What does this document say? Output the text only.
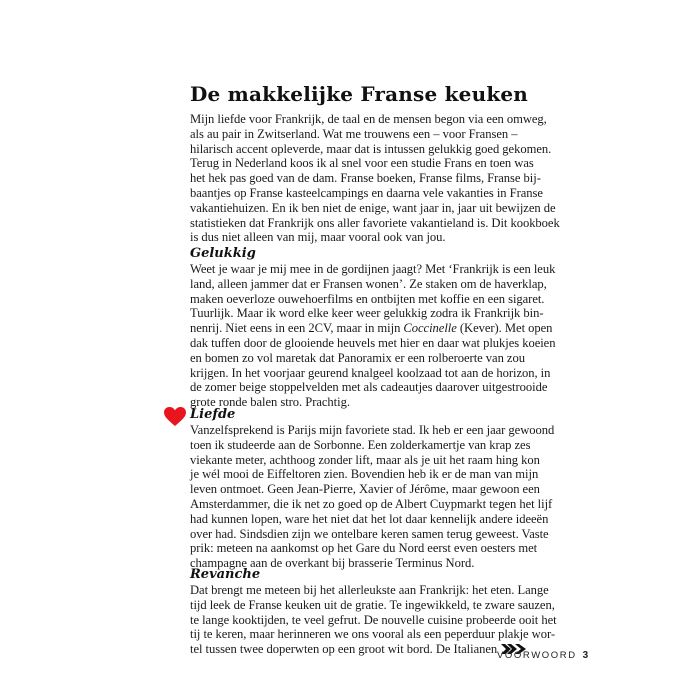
De makkelijke Franse keuken

Mijn liefde voor Frankrijk, de taal en de mensen begon via een omweg,
als au pair in Zwitserland. Wat me trouwens een – voor Fransen –
hilarisch accent opleverde, maar dat is intussen gelukkig goed gekomen.
Terug in Nederland koos ik al snel voor een studie Frans en toen was
het hek pas goed van de dam. Franse boeken, Franse films, Franse bij-
baantjes op Franse kasteelcampings en daarna vele vakanties in Franse
vakantiehuizen. En ik ben niet de enige, want jaar in, jaar uit bewijzen de
statistieken dat Frankrijk ons aller favoriete vakantieland is. Dit kookboek
is dus niet alleen van mij, maar vooral ook van jou.

Gelukkig

Weet je waar je mij mee in de gordijnen jaagt? Met ‘Frankrijk is een leuk
land, alleen jammer dat er Fransen wonen’. Ze staken om de haverklap,
maken oeverloze ouwehoerfilms en ontbijten met koffie en een sigaret.
Tuurlijk. Maar ik word elke keer weer gelukkig zodra ik Frankrijk bin-
nenrij. Niet eens in een 2CV, maar in mijn Coccinelle (Kever). Met open
dak tuffen door de glooiende heuvels met hier en daar wat plukjes koeien
en bomen zo vol maretak dat Panoramix er een rolberoerte van zou
krijgen. In het voorjaar geurend knalgeel koolzaad tot aan de horizon, in
de zomer beige stoppelvelden met als cadeautjes daarover uitgestrooide
grote ronde balen stro. Prachtig.

Liefde

Vanzelfsprekend is Parijs mijn favoriete stad. Ik heb er een jaar gewoond
toen ik studeerde aan de Sorbonne. Een zolderkamertje van krap zes
viekante meter, achthoog zonder lift, maar als je uit het raam hing kon
je wél mooi de Eiffeltoren zien. Bovendien heb ik er de man van mijn
leven ontmoet. Geen Jean-Pierre, Xavier of Jérôme, maar gewoon een
Amsterdammer, die ik net zo goed op de Albert Cuypmarkt tegen het lijf
had kunnen lopen, ware het niet dat het lot daar kennelijk andere ideeën
over had. Sindsdien zijn we ontelbare keren samen terug geweest. Vaste
prik: meteen na aankomst op het Gare du Nord eerst even oesters met
champagne aan de overkant bij brasserie Terminus Nord.

Revanche

Dat brengt me meteen bij het allerleukste aan Frankrijk: het eten. Lange
tijd leek de Franse keuken uit de gratie. Te ingewikkeld, te zware sauzen,
te lange kooktijden, te veel gefrut. De nouvelle cuisine probeerde ooit het
tij te keren, maar herinneren we ons vooral als een peperduur plakje wor-
tel tussen twee doperwten op een groot wit bord. De Italianen VOORWOORD 3
